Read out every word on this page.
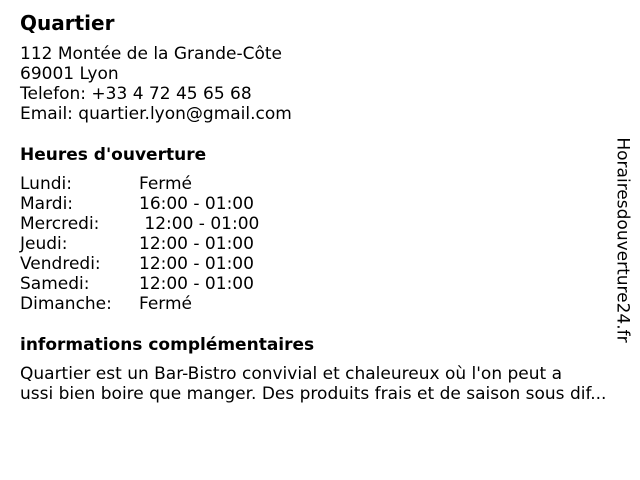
Quartier
112 Montée de la Grande-Côte
69001 Lyon
Telefon: +33 4 72 45 65 68
Email: quartier.lyon@gmail.com
Heures d'ouverture
Lundi:	Fermé
Mardi:	16:00 - 01:00
Mercredi:	12:00 - 01:00
Jeudi:	12:00 - 01:00
Vendredi:	12:00 - 01:00
Samedi:	12:00 - 01:00
Dimanche:	Fermé
informations complémentaires
Quartier est un Bar-Bistro convivial et chaleureux où l'on peut a
ussi bien boire que manger. Des produits frais et de saison sous dif...
Horairesdouverture24.fr
